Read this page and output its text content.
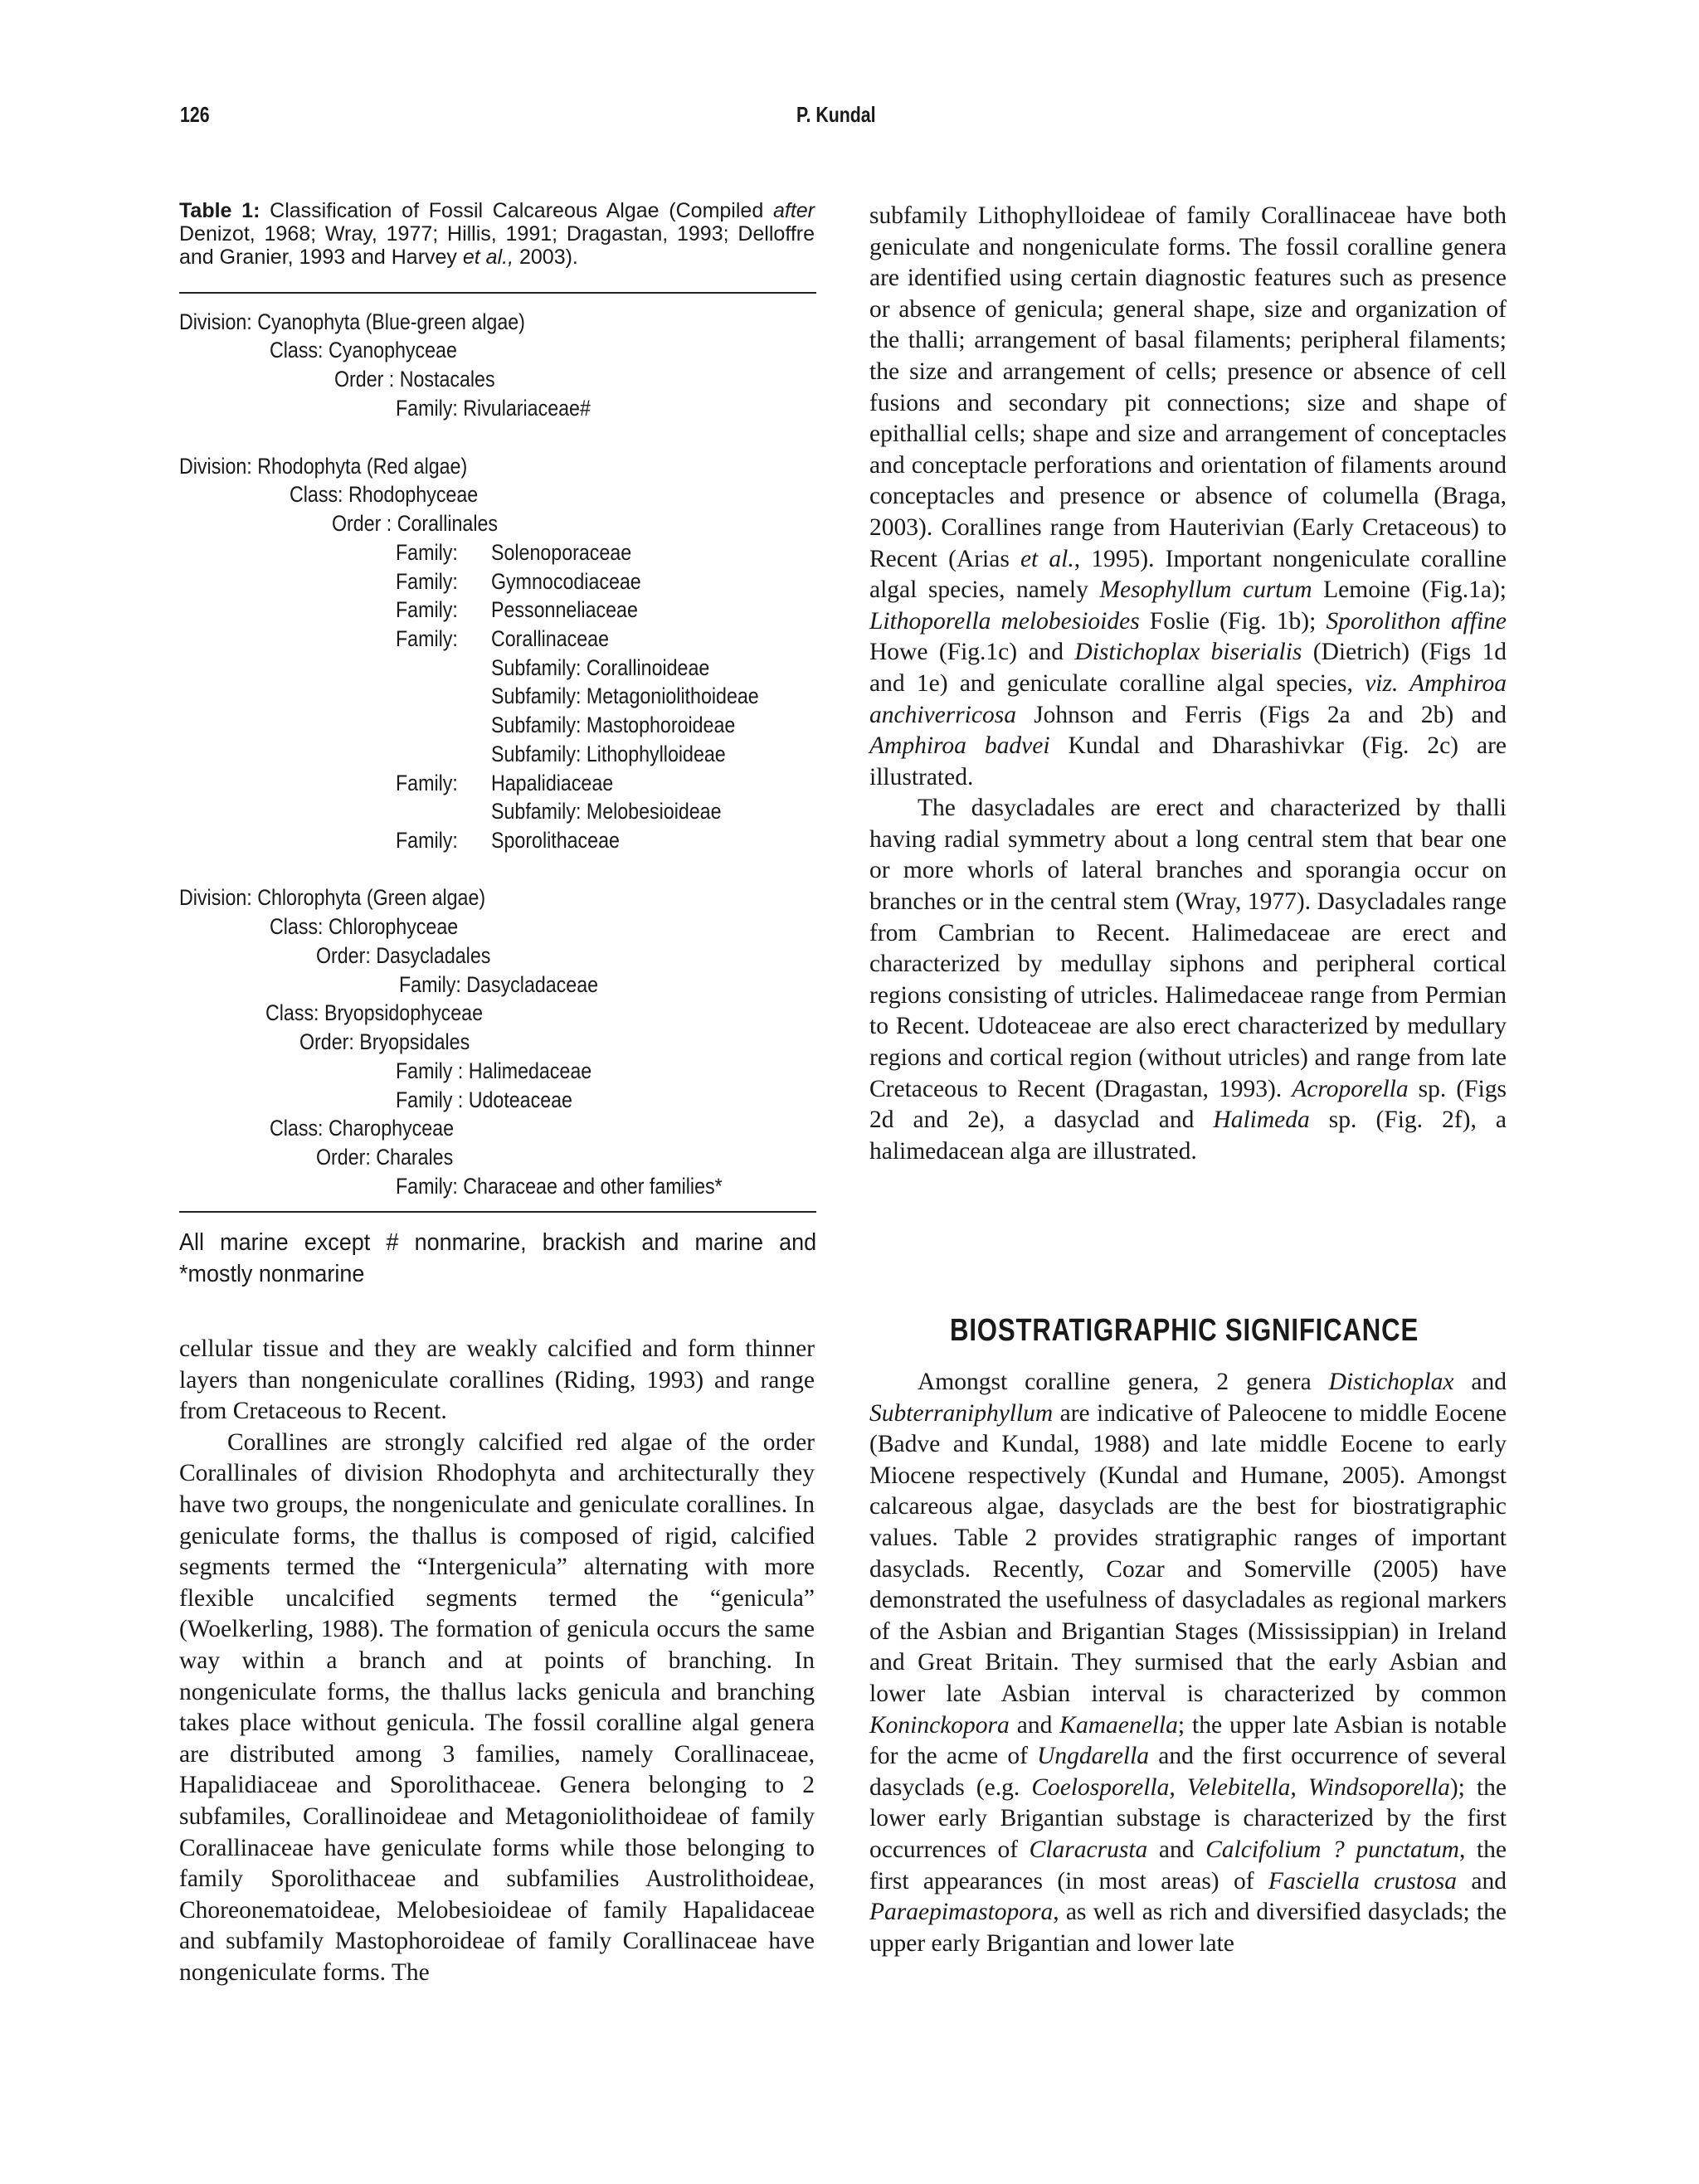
126	P. Kundal
Table 1: Classification of Fossil Calcareous Algae (Compiled after Denizot, 1968; Wray, 1977; Hillis, 1991; Dragastan, 1993; Delloffre and Granier, 1993 and Harvey et al., 2003).
Division: Cyanophyta (Blue-green algae)
Class: Cyanophyceae
Order : Nostacales
Family: Rivulariaceae#
Division: Rhodophyta (Red algae)
Class: Rhodophyceae
Order : Corallinales
Family: Solenoporaceae
Family: Gymnocodiaceae
Family: Pessonneliaceae
Family: Corallinaceae
Subfamily: Corallinoideae
Subfamily: Metagoniolithoideae
Subfamily: Mastophoroideae
Subfamily: Lithophylloideae
Family: Hapalidiaceae
Subfamily: Melobesioideae
Family: Sporolithaceae
Division: Chlorophyta (Green algae)
Class: Chlorophyceae
Order: Dasycladales
Family: Dasycladaceae
Class: Bryopsidophyceae
Order: Bryopsidales
Family : Halimedaceae
Family : Udoteaceae
Class: Charophyceae
Order: Charales
Family: Characeae and other families*
All marine except # nonmarine, brackish and marine and *mostly nonmarine

cellular tissue and they are weakly calcified and form thinner layers than nongeniculate corallines (Riding, 1993) and range from Cretaceous to Recent.

Corallines are strongly calcified red algae of the order Corallinales of division Rhodophyta and architecturally they have two groups, the nongeniculate and geniculate corallines. In geniculate forms, the thallus is composed of rigid, calcified segments termed the “Intergenicula” alternating with more flexible uncalcified segments termed the “genicula” (Woelkerling, 1988). The formation of genicula occurs the same way within a branch and at points of branching. In nongeniculate forms, the thallus lacks genicula and branching takes place without genicula. The fossil coralline algal genera are distributed among 3 families, namely Corallinaceae, Hapalidiaceae and Sporolithaceae. Genera belonging to 2 subfamiles, Corallinoideae and Metagoniolithoideae of family Corallinaceae have geniculate forms while those belonging to family Sporolithaceae and subfamilies Austrolithoideae, Choreonematoideae, Melobesioideae of family Hapalidaceae and subfamily Mastophoroideae of family Corallinaceae have nongeniculate forms. The

subfamily Lithophylloideae of family Corallinaceae have both geniculate and nongeniculate forms. The fossil coralline genera are identified using certain diagnostic features such as presence or absence of genicula; general shape, size and organization of the thalli; arrangement of basal filaments; peripheral filaments; the size and arrangement of cells; presence or absence of cell fusions and secondary pit connections; size and shape of epithallial cells; shape and size and arrangement of conceptacles and conceptacle perforations and orientation of filaments around conceptacles and presence or absence of columella (Braga, 2003). Corallines range from Hauterivian (Early Cretaceous) to Recent (Arias et al., 1995). Important nongeniculate coralline algal species, namely Mesophyllum curtum Lemoine (Fig.1a); Lithoporella melobesioides Foslie (Fig. 1b); Sporolithon affine Howe (Fig.1c) and Distichoplax biserialis (Dietrich) (Figs 1d and 1e) and geniculate coralline algal species, viz. Amphiroa anchiverricosa Johnson and Ferris (Figs 2a and 2b) and Amphiroa badvei Kundal and Dharashivkar (Fig. 2c) are illustrated.

The dasycladales are erect and characterized by thalli having radial symmetry about a long central stem that bear one or more whorls of lateral branches and sporangia occur on branches or in the central stem (Wray, 1977). Dasycladales range from Cambrian to Recent. Halimedaceae are erect and characterized by medullay siphons and peripheral cortical regions consisting of utricles. Halimedaceae range from Permian to Recent. Udoteaceae are also erect characterized by medullary regions and cortical region (without utricles) and range from late Cretaceous to Recent (Dragastan, 1993). Acroporella sp. (Figs 2d and 2e), a dasyclad and Halimeda sp. (Fig. 2f), a halimedacean alga are illustrated.

BIOSTRATIGRAPHIC SIGNIFICANCE

Amongst coralline genera, 2 genera Distichoplax and Subterraniphyllum are indicative of Paleocene to middle Eocene (Badve and Kundal, 1988) and late middle Eocene to early Miocene respectively (Kundal and Humane, 2005). Amongst calcareous algae, dasyclads are the best for biostratigraphic values. Table 2 provides stratigraphic ranges of important dasyclads. Recently, Cozar and Somerville (2005) have demonstrated the usefulness of dasycladales as regional markers of the Asbian and Brigantian Stages (Mississippian) in Ireland and Great Britain. They surmised that the early Asbian and lower late Asbian interval is characterized by common Koninckopora and Kamaenella; the upper late Asbian is notable for the acme of Ungdarella and the first occurrence of several dasyclads (e.g. Coelosporella, Velebitella, Windsoporella); the lower early Brigantian substage is characterized by the first occurrences of Claracrusta and Calcifolium ? punctatum, the first appearances (in most areas) of Fasciella crustosa and Paraepimastopora, as well as rich and diversified dasyclads; the upper early Brigantian and lower late
